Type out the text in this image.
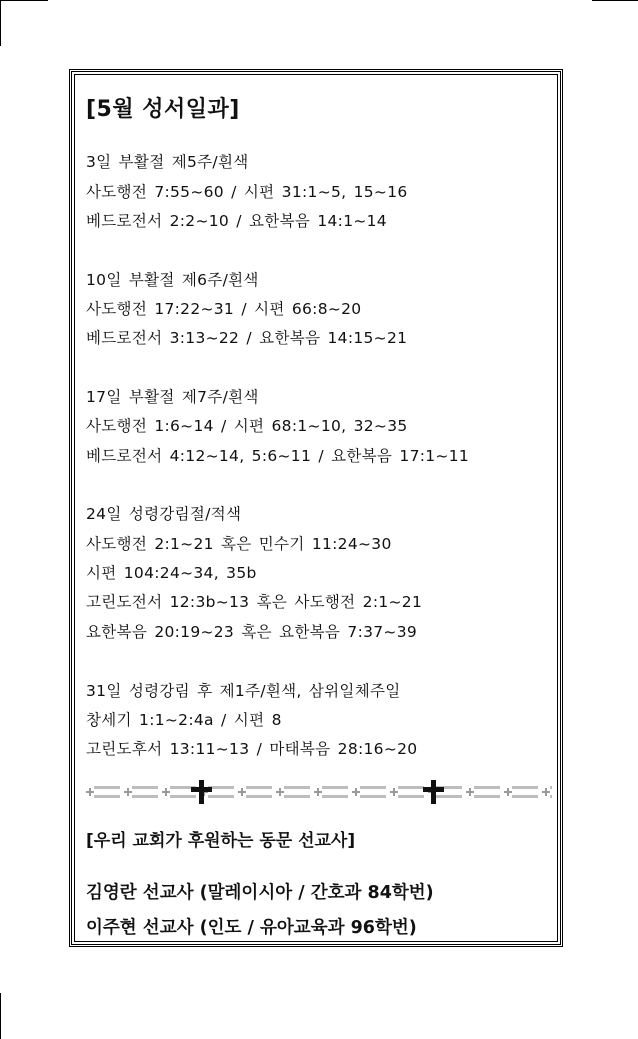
[5월 성서일과]
3일 부활절 제5주/흰색
사도행전 7:55~60 / 시편 31:1~5, 15~16
베드로전서 2:2~10 / 요한복음 14:1~14
10일 부활절 제6주/흰색
사도행전 17:22~31 / 시편 66:8~20
베드로전서 3:13~22 / 요한복음 14:15~21
17일 부활절 제7주/흰색
사도행전 1:6~14 / 시편 68:1~10, 32~35
베드로전서 4:12~14, 5:6~11 / 요한복음 17:1~11
24일 성령강림절/적색
사도행전 2:1~21 혹은 민수기 11:24~30
시편 104:24~34, 35b
고린도전서 12:3b~13 혹은 사도행전 2:1~21
요한복음 20:19~23 혹은 요한복음 7:37~39
31일 성령강림 후 제1주/흰색, 삼위일체주일
창세기 1:1~2:4a / 시편 8
고린도후서 13:11~13 / 마태복음 28:16~20
[우리 교회가 후원하는 동문 선교사]
김영란 선교사 (말레이시아 / 간호과 84학번)
이주현 선교사 (인도 / 유아교육과 96학번)
